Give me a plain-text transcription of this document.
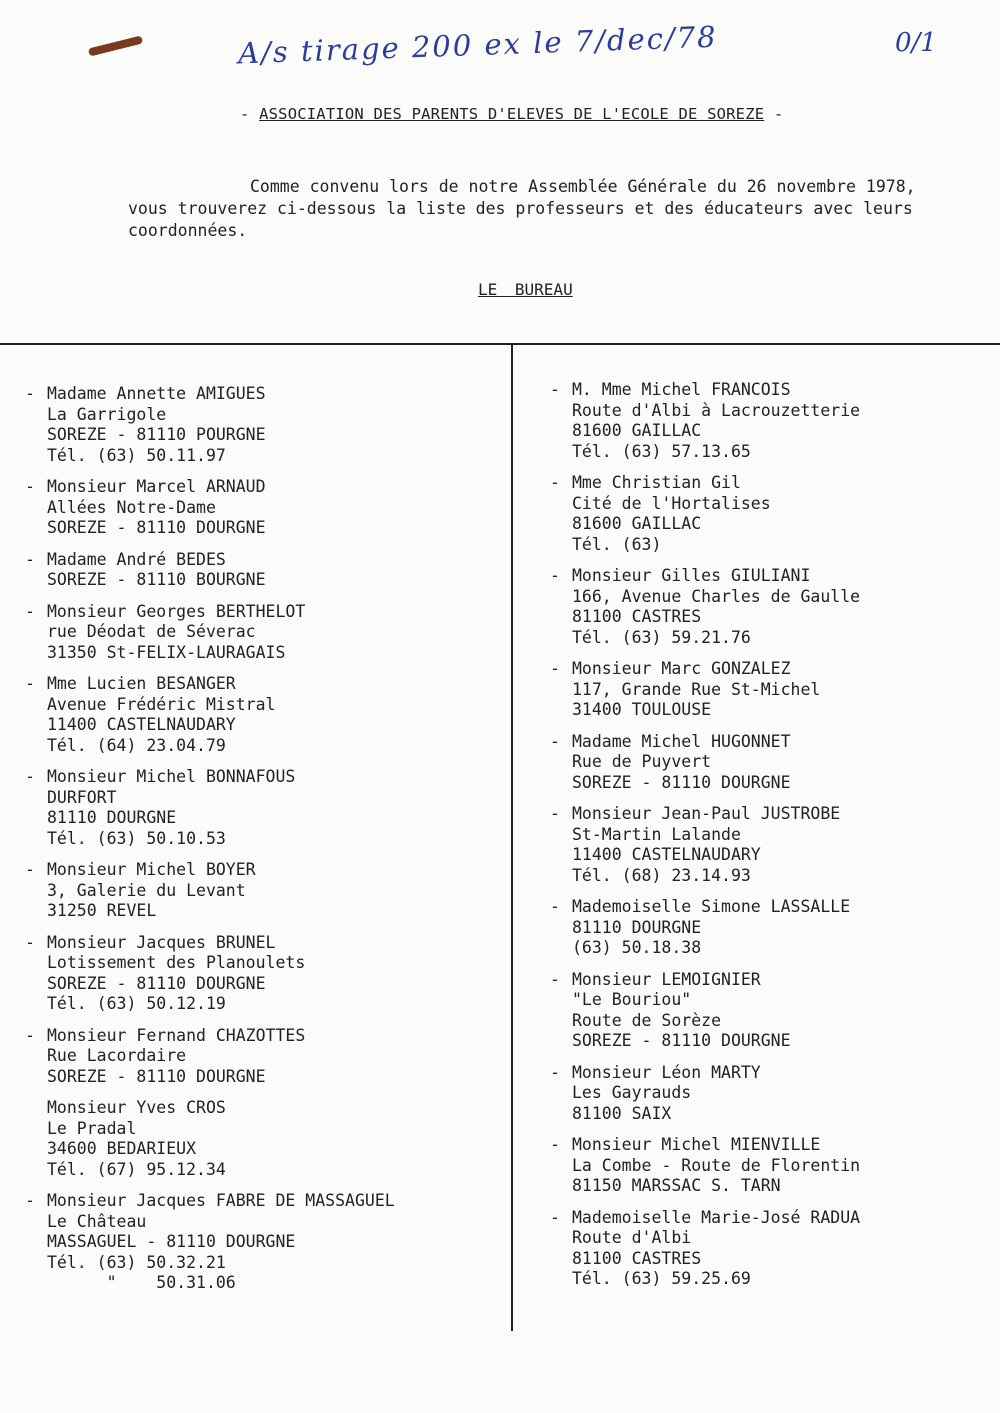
A/s tirage 200 ex le 7/dec/78	0/1
- ASSOCIATION DES PARENTS D'ELEVES DE L'ECOLE DE SOREZE -
Comme convenu lors de notre Assemblée Générale du 26 novembre 1978,
vous trouverez ci-dessous la liste des professeurs et des éducateurs avec leurs
coordonnées.
LE BUREAU
- Madame Annette AMIGUES
La Garrigole
SOREZE - 81110 POURGNE
Tél. (63) 50.11.97
- Monsieur Marcel ARNAUD
Allées Notre-Dame
SOREZE - 81110 DOURGNE
- Madame André BEDES
SOREZE - 81110 BOURGNE
- Monsieur Georges BERTHELOT
rue Déodat de Séverac
31350 St-FELIX-LAURAGAIS
- Mme Lucien BESANGER
Avenue Frédéric Mistral
11400 CASTELNAUDARY
Tél. (64) 23.04.79
- Monsieur Michel BONNAFOUS
DURFORT
81110 DOURGNE
Tél. (63) 50.10.53
- Monsieur Michel BOYER
3, Galerie du Levant
31250 REVEL
- Monsieur Jacques BRUNEL
Lotissement des Planoulets
SOREZE - 81110 DOURGNE
Tél. (63) 50.12.19
- Monsieur Fernand CHAZOTTES
Rue Lacordaire
SOREZE - 81110 DOURGNE
Monsieur Yves CROS
Le Pradal
34600 BEDARIEUX
Tél. (67) 95.12.34
- Monsieur Jacques FABRE DE MASSAGUEL
Le Château
MASSAGUEL - 81110 DOURGNE
Tél. (63) 50.32.21
"    50.31.06
- M. Mme Michel FRANCOIS
Route d'Albi à Lacrouzetterie
81600 GAILLAC
Tél. (63) 57.13.65
- Mme Christian Gil
Cité de l'Hortalises
81600 GAILLAC
Tél. (63)
- Monsieur Gilles GIULIANI
166, Avenue Charles de Gaulle
81100 CASTRES
Tél. (63) 59.21.76
- Monsieur Marc GONZALEZ
117, Grande Rue St-Michel
31400 TOULOUSE
- Madame Michel HUGONNET
Rue de Puyvert
SOREZE - 81110 DOURGNE
- Monsieur Jean-Paul JUSTROBE
St-Martin Lalande
11400 CASTELNAUDARY
Tél. (68) 23.14.93
- Mademoiselle Simone LASSALLE
81110 DOURGNE
(63) 50.18.38
- Monsieur LEMOIGNIER
"Le Bouriou"
Route de Sorèze
SOREZE - 81110 DOURGNE
- Monsieur Léon MARTY
Les Gayrauds
81100 SAIX
- Monsieur Michel MIENVILLE
La Combe - Route de Florentin
81150 MARSSAC S. TARN
- Mademoiselle Marie-José RADUA
Route d'Albi
81100 CASTRES
Tél. (63) 59.25.69
